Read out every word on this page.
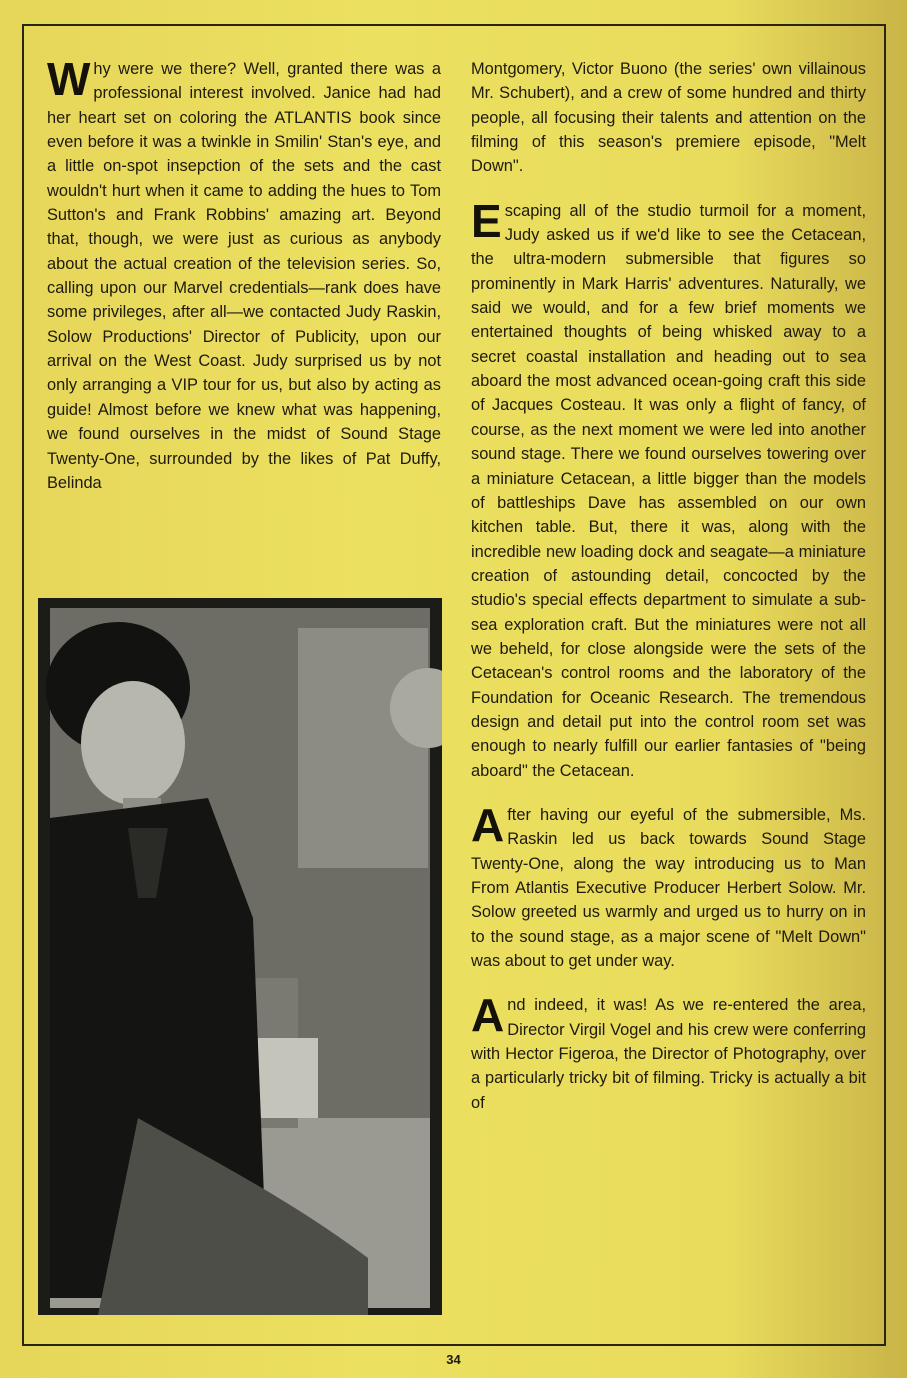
W hy were we there? Well, granted there was a professional interest involved. Janice had had her heart set on coloring the ATLANTIS book since even before it was a twinkle in Smilin' Stan's eye, and a little on-spot insepction of the sets and the cast wouldn't hurt when it came to adding the hues to Tom Sutton's and Frank Robbins' amazing art. Beyond that, though, we were just as curious as anybody about the actual creation of the television series. So, calling upon our Marvel credentials—rank does have some privileges, after all—we contacted Judy Raskin, Solow Productions' Director of Publicity, upon our arrival on the West Coast. Judy surprised us by not only arranging a VIP tour for us, but also by acting as guide! Almost before we knew what was happening, we found ourselves in the midst of Sound Stage Twenty-One, surrounded by the likes of Pat Duffy, Belinda

Montgomery, Victor Buono (the series' own villainous Mr. Schubert), and a crew of some hundred and thirty people, all focusing their talents and attention on the filming of this season's premiere episode, "Melt Down".

E scaping all of the studio turmoil for a moment, Judy asked us if we'd like to see the Cetacean, the ultra-modern submersible that figures so prominently in Mark Harris' adventures. Naturally, we said we would, and for a few brief moments we entertained thoughts of being whisked away to a secret coastal installation and heading out to sea aboard the most advanced ocean-going craft this side of Jacques Costeau. It was only a flight of fancy, of course, as the next moment we were led into another sound stage. There we found ourselves towering over a miniature Cetacean, a little bigger than the models of battleships Dave has assembled on our own kitchen table. But, there it was, along with the incredible new loading dock and seagate—a miniature creation of astounding detail, concocted by the studio's special effects department to simulate a sub-sea exploration craft. But the miniatures were not all we beheld, for close alongside were the sets of the Cetacean's control rooms and the laboratory of the Foundation for Oceanic Research. The tremendous design and detail put into the control room set was enough to nearly fulfill our earlier fantasies of "being aboard" the Cetacean.

A fter having our eyeful of the submersible, Ms. Raskin led us back towards Sound Stage Twenty-One, along the way introducing us to Man From Atlantis Executive Producer Herbert Solow. Mr. Solow greeted us warmly and urged us to hurry on in to the sound stage, as a major scene of "Melt Down" was about to get under way.

A nd indeed, it was! As we re-entered the area, Director Virgil Vogel and his crew were conferring with Hector Figeroa, the Director of Photography, over a particularly tricky bit of filming. Tricky is actually a bit of

34
